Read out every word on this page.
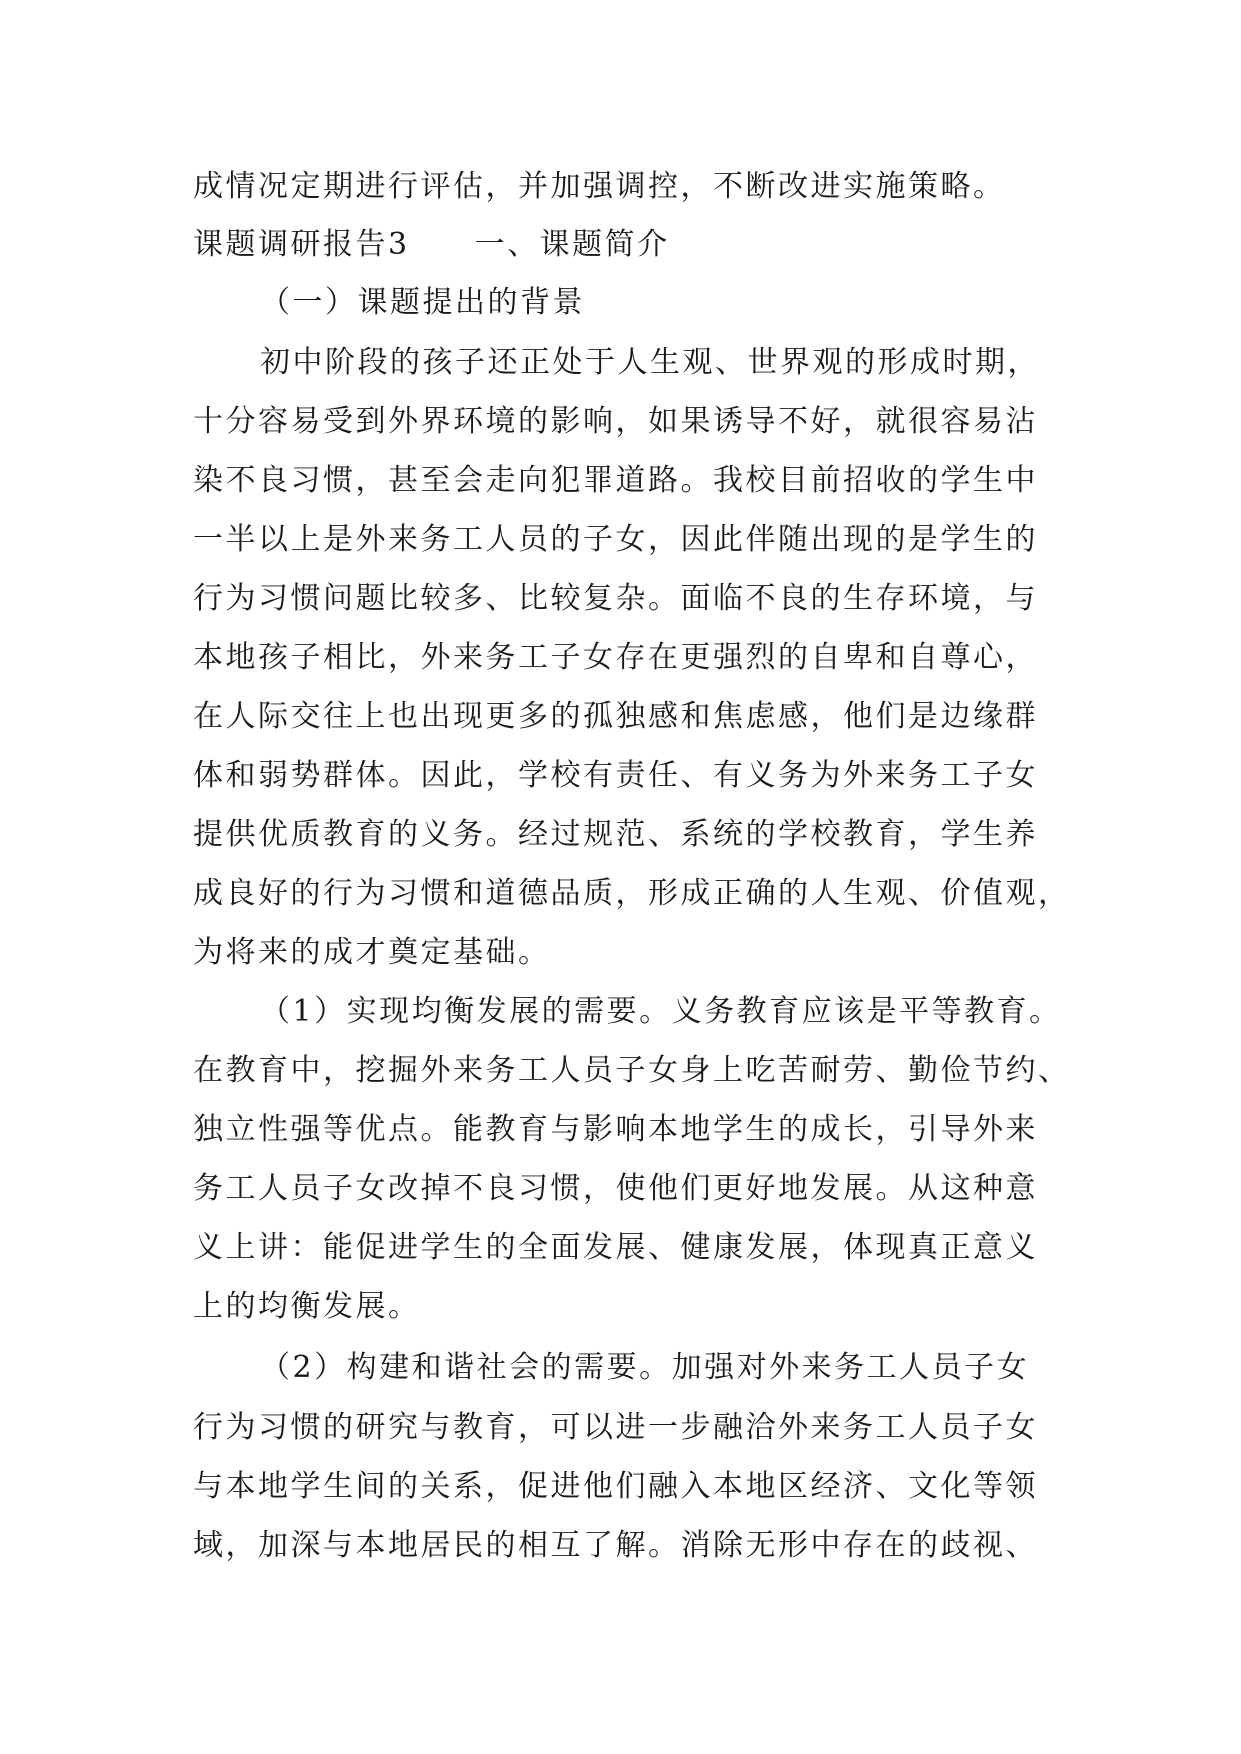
成情况定期进行评估，并加强调控，不断改进实施策略。
课题调研报告3　　一、课题简介
（一）课题提出的背景
初中阶段的孩子还正处于人生观、世界观的形成时期，
十分容易受到外界环境的影响，如果诱导不好，就很容易沾
染不良习惯，甚至会走向犯罪道路。我校目前招收的学生中
一半以上是外来务工人员的子女，因此伴随出现的是学生的
行为习惯问题比较多、比较复杂。面临不良的生存环境，与
本地孩子相比，外来务工子女存在更强烈的自卑和自尊心，
在人际交往上也出现更多的孤独感和焦虑感，他们是边缘群
体和弱势群体。因此，学校有责任、有义务为外来务工子女
提供优质教育的义务。经过规范、系统的学校教育，学生养
成良好的行为习惯和道德品质，形成正确的人生观、价值观，
为将来的成才奠定基础。
（1）实现均衡发展的需要。义务教育应该是平等教育。
在教育中，挖掘外来务工人员子女身上吃苦耐劳、勤俭节约、
独立性强等优点。能教育与影响本地学生的成长，引导外来
务工人员子女改掉不良习惯，使他们更好地发展。从这种意
义上讲：能促进学生的全面发展、健康发展，体现真正意义
上的均衡发展。
（2）构建和谐社会的需要。加强对外来务工人员子女
行为习惯的研究与教育，可以进一步融洽外来务工人员子女
与本地学生间的关系，促进他们融入本地区经济、文化等领
域，加深与本地居民的相互了解。消除无形中存在的歧视、
